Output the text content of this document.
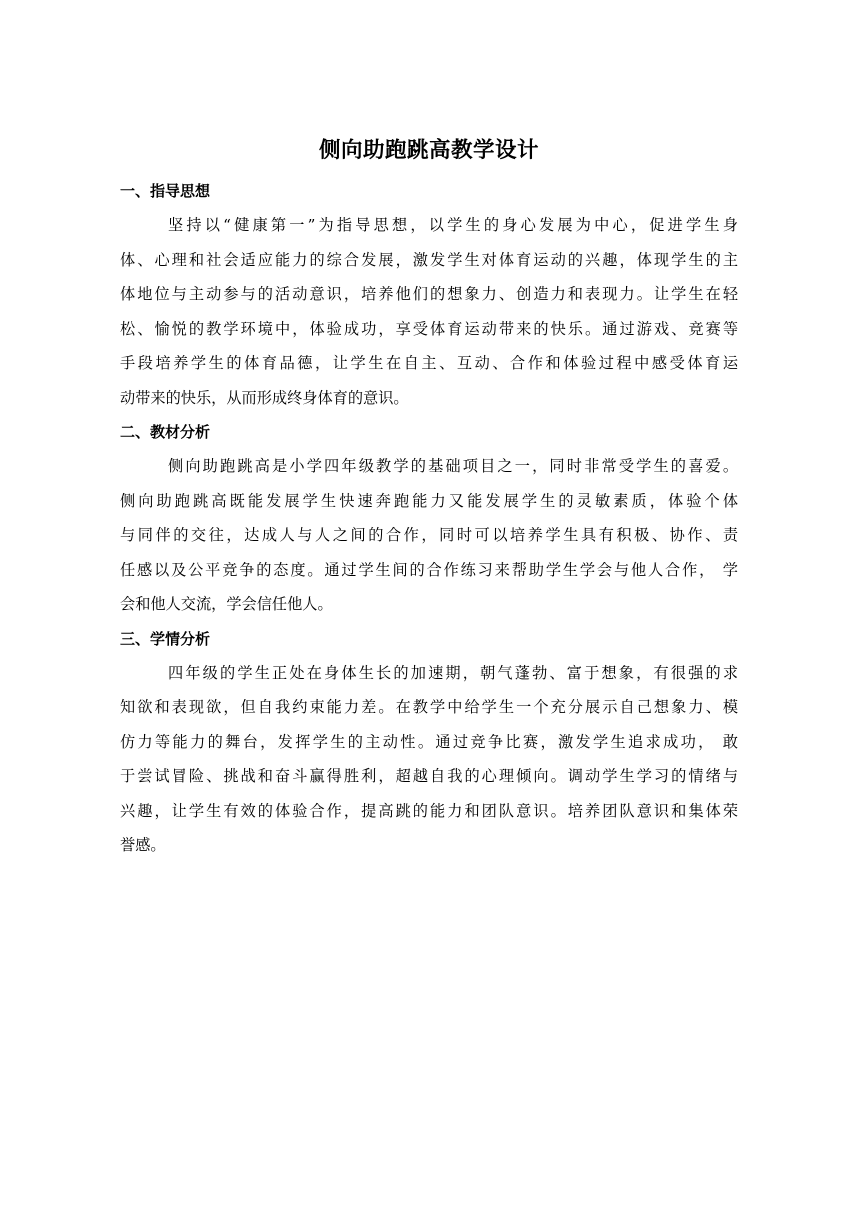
侧向助跑跳高教学设计
一、指导思想
坚持以“健康第一”为指导思想，以学生的身心发展为中心，促进学生身
体、心理和社会适应能力的综合发展，激发学生对体育运动的兴趣，体现学生的主
体地位与主动参与的活动意识，培养他们的想象力、创造力和表现力。让学生在轻
松、愉悦的教学环境中，体验成功，享受体育运动带来的快乐。通过游戏、竞赛等
手段培养学生的体育品德，让学生在自主、互动、合作和体验过程中感受体育运
动带来的快乐，从而形成终身体育的意识。
二、教材分析
侧向助跑跳高是小学四年级教学的基础项目之一，同时非常受学生的喜爱。
侧向助跑跳高既能发展学生快速奔跑能力又能发展学生的灵敏素质，体验个体
与同伴的交往，达成人与人之间的合作，同时可以培养学生具有积极、协作、责
任感以及公平竞争的态度。通过学生间的合作练习来帮助学生学会与他人合作， 学
会和他人交流，学会信任他人。
三、学情分析
四年级的学生正处在身体生长的加速期，朝气蓬勃、富于想象，有很强的求
知欲和表现欲，但自我约束能力差。在教学中给学生一个充分展示自己想象力、模
仿力等能力的舞台，发挥学生的主动性。通过竞争比赛，激发学生追求成功， 敢
于尝试冒险、挑战和奋斗赢得胜利，超越自我的心理倾向。调动学生学习的情绪与
兴趣，让学生有效的体验合作，提高跳的能力和团队意识。培养团队意识和集体荣
誉感。
